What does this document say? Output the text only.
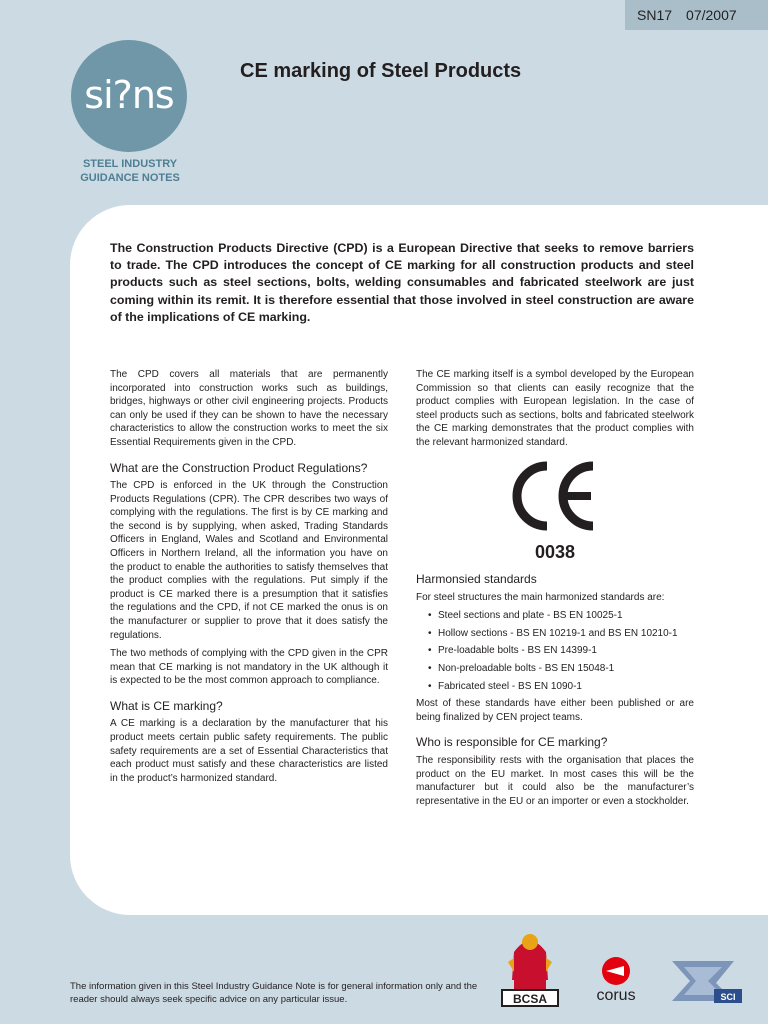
SN17 07/2007
si?ns
STEEL INDUSTRY
GUIDANCE NOTES
CE marking of Steel Products

The Construction Products Directive (CPD) is a European Directive that seeks to remove barriers to trade. The CPD introduces the concept of CE marking for all construction products and steel products such as steel sections, bolts, welding consumables and fabricated steelwork are just coming within its remit. It is therefore essential that those involved in steel construction are aware of the implications of CE marking.

The CPD covers all materials that are permanently incorporated into construction works such as buildings, bridges, highways or other civil engineering projects. Products can only be used if they can be shown to have the necessary characteristics to allow the construction works to meet the six Essential Requirements given in the CPD.

What are the Construction Product Regulations?

The CPD is enforced in the UK through the Construction Products Regulations (CPR). The CPR describes two ways of complying with the regulations. The first is by CE marking and the second is by supplying, when asked, Trading Standards Officers in England, Wales and Scotland and Environmental Officers in Northern Ireland, all the information you have on the product to enable the authorities to satisfy themselves that the product complies with the regulations. Put simply if the product is CE marked there is a presumption that it satisfies the regulations and the CPD, if not CE marked the onus is on the manufacturer or supplier to prove that it does satisfy the regulations.

The two methods of complying with the CPD given in the CPR mean that CE marking is not mandatory in the UK although it is expected to be the most common approach to compliance.

What is CE marking?

A CE marking is a declaration by the manufacturer that his product meets certain public safety requirements. The public safety requirements are a set of Essential Characteristics that each product must satisfy and these characteristics are listed in the product’s harmonized standard.

The CE marking itself is a symbol developed by the European Commission so that clients can easily recognize that the product complies with European legislation. In the case of steel products such as sections, bolts and fabricated steelwork the CE marking demonstrates that the product complies with the relevant harmonized standard.

0038
Harmonsied standards

For steel structures the main harmonized standards are:

• Steel sections and plate - BS EN 10025-1
• Hollow sections - BS EN 10219-1 and BS EN 10210-1
• Pre-loadable bolts - BS EN 14399-1
• Non-preloadable bolts - BS EN 15048-1
• Fabricated steel - BS EN 1090-1

Most of these standards have either been published or are being finalized by CEN project teams.

Who is responsible for CE marking?

The responsibility rests with the organisation that places the product on the EU market. In most cases this will be the manufacturer but it could also be the manufacturer’s representative in the EU or an importer or even a stockholder.

The information given in this Steel Industry Guidance Note is for general information only and the reader should always seek specific advice on any particular issue.	BCSA	corus	SCI
